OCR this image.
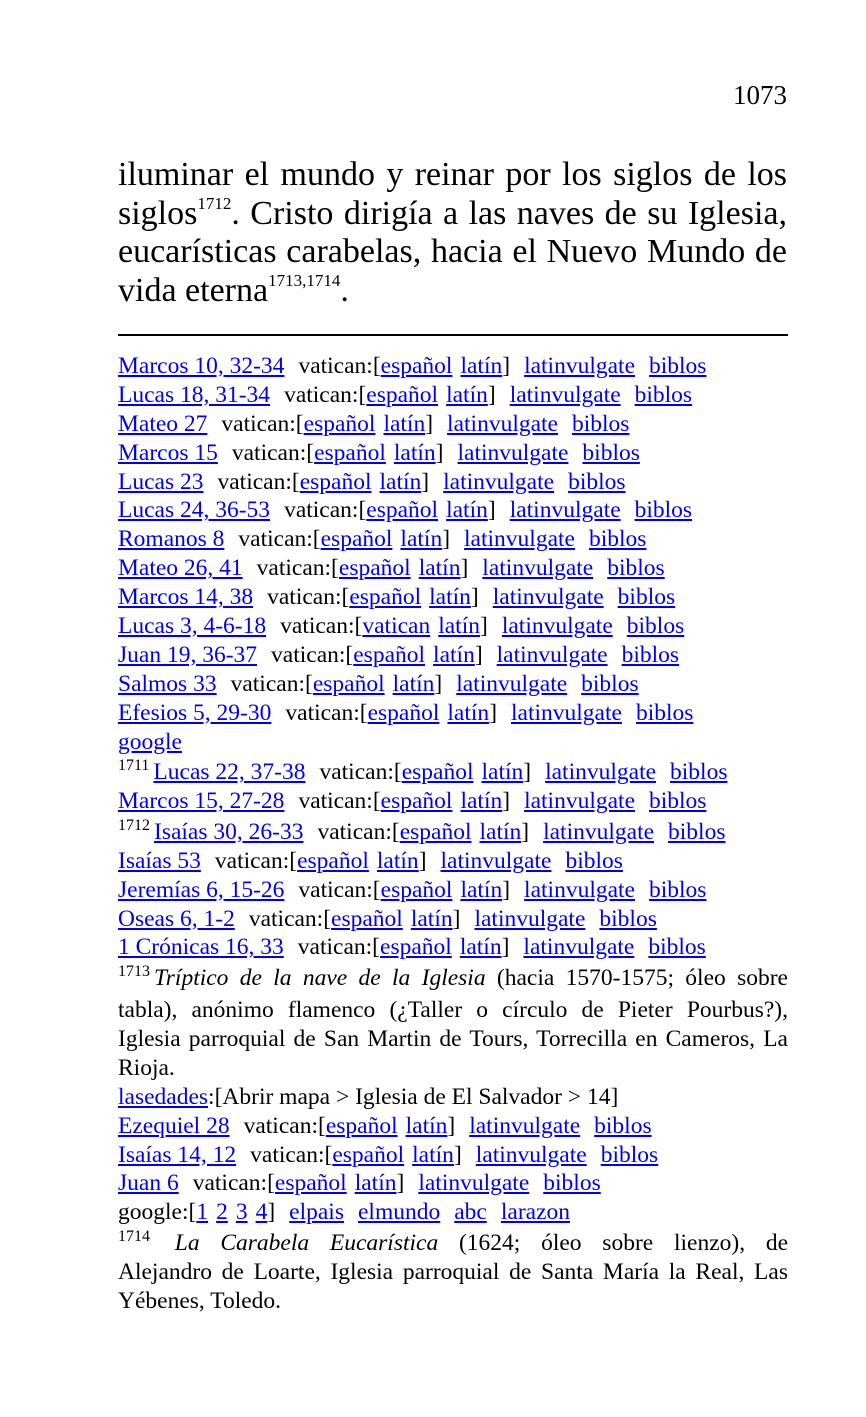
1073
iluminar el mundo y reinar por los siglos de los siglos$^{1712}$. Cristo dirigía a las naves de su Iglesia, eucarísticas carabelas, hacia el Nuevo Mundo de vida eterna$^{1713,1714}$.
Marcos 10, 32-34 vatican:[español latín] latinvulgate biblos
Lucas 18, 31-34 vatican:[español latín] latinvulgate biblos
Mateo 27 vatican:[español latín] latinvulgate biblos
Marcos 15 vatican:[español latín] latinvulgate biblos
Lucas 23 vatican:[español latín] latinvulgate biblos
Lucas 24, 36-53 vatican:[español latín] latinvulgate biblos
Romanos 8 vatican:[español latín] latinvulgate biblos
Mateo 26, 41 vatican:[español latín] latinvulgate biblos
Marcos 14, 38 vatican:[español latín] latinvulgate biblos
Lucas 3, 4-6-18 vatican:[vatican latín] latinvulgate biblos
Juan 19, 36-37 vatican:[español latín] latinvulgate biblos
Salmos 33 vatican:[español latín] latinvulgate biblos
Efesios 5, 29-30 vatican:[español latín] latinvulgate biblos
google
$^{1711}$ Lucas 22, 37-38 vatican:[español latín] latinvulgate biblos
Marcos 15, 27-28 vatican:[español latín] latinvulgate biblos
$^{1712}$ Isaías 30, 26-33 vatican:[español latín] latinvulgate biblos
Isaías 53 vatican:[español latín] latinvulgate biblos
Jeremías 6, 15-26 vatican:[español latín] latinvulgate biblos
Oseas 6, 1-2 vatican:[español latín] latinvulgate biblos
1 Crónicas 16, 33 vatican:[español latín] latinvulgate biblos
$^{1713}$ Tríptico de la nave de la Iglesia (hacia 1570-1575; óleo sobre tabla), anónimo flamenco (¿Taller o círculo de Pieter Pourbus?), Iglesia parroquial de San Martin de Tours, Torrecilla en Cameros, La Rioja.
lasedades:[Abrir mapa > Iglesia de El Salvador > 14]
Ezequiel 28 vatican:[español latín] latinvulgate biblos
Isaías 14, 12 vatican:[español latín] latinvulgate biblos
Juan 6 vatican:[español latín] latinvulgate biblos
google:[1 2 3 4] elpais elmundo abc larazon
$^{1714}$ La Carabela Eucarística (1624; óleo sobre lienzo), de
Alejandro de Loarte, Iglesia parroquial de Santa María la Real, Las Yébenes, Toledo.
